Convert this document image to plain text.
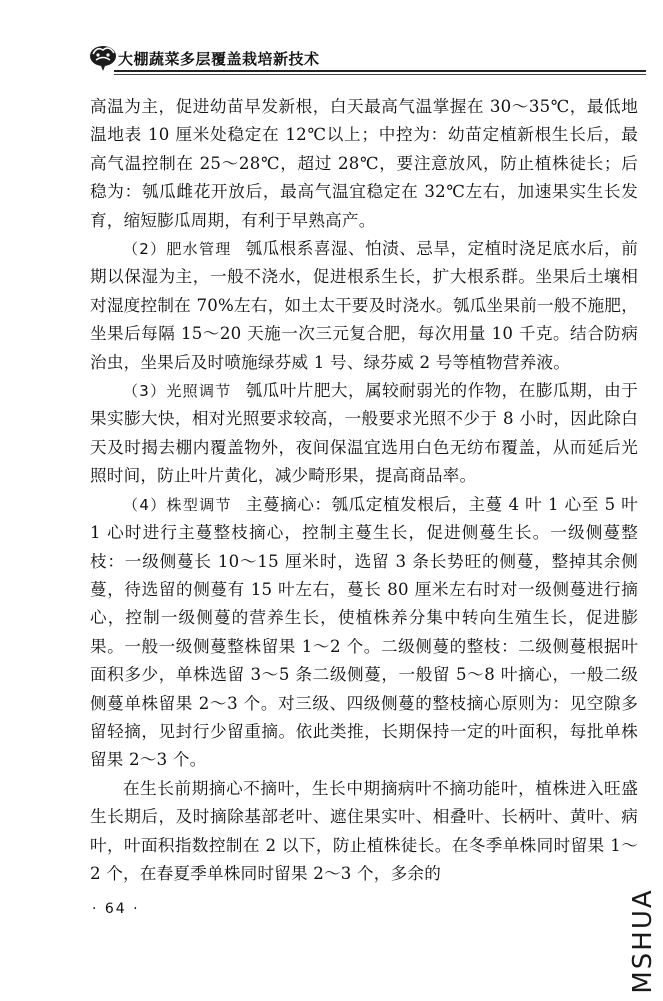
大棚蔬菜多层覆盖栽培新技术

高温为主，促进幼苗早发新根，白天最高气温掌握在 30～35℃，最低地温地表 10 厘米处稳定在 12℃以上；中控为：幼苗定植新根生长后，最高气温控制在 25～28℃，超过 28℃，要注意放风，防止植株徒长；后稳为：瓠瓜雌花开放后，最高气温宜稳定在 32℃左右，加速果实生长发育，缩短膨瓜周期，有利于早熟高产。

（2）肥水管理 瓠瓜根系喜湿、怕渍、忌旱，定植时浇足底水后，前期以保湿为主，一般不浇水，促进根系生长，扩大根系群。坐果后土壤相对湿度控制在 70%左右，如土太干要及时浇水。瓠瓜坐果前一般不施肥，坐果后每隔 15～20 天施一次三元复合肥，每次用量 10 千克。结合防病治虫，坐果后及时喷施绿芬威 1 号、绿芬威 2 号等植物营养液。

（3）光照调节 瓠瓜叶片肥大，属较耐弱光的作物，在膨瓜期，由于果实膨大快，相对光照要求较高，一般要求光照不少于 8 小时，因此除白天及时揭去棚内覆盖物外，夜间保温宜选用白色无纺布覆盖，从而延后光照时间，防止叶片黄化，减少畸形果，提高商品率。

（4）株型调节 主蔓摘心：瓠瓜定植发根后，主蔓 4 叶 1 心至 5 叶 1 心时进行主蔓整枝摘心，控制主蔓生长，促进侧蔓生长。一级侧蔓整枝：一级侧蔓长 10～15 厘米时，选留 3 条长势旺的侧蔓，整掉其余侧蔓，待选留的侧蔓有 15 叶左右，蔓长 80 厘米左右时对一级侧蔓进行摘心，控制一级侧蔓的营养生长，使植株养分集中转向生殖生长，促进膨果。一般一级侧蔓整株留果 1～2 个。二级侧蔓的整枝：二级侧蔓根据叶面积多少，单株选留 3～5 条二级侧蔓，一般留 5～8 叶摘心，一般二级侧蔓单株留果 2～3 个。对三级、四级侧蔓的整枝摘心原则为：见空隙多留轻摘，见封行少留重摘。依此类推，长期保持一定的叶面积，每批单株留果 2～3 个。

在生长前期摘心不摘叶，生长中期摘病叶不摘功能叶，植株进入旺盛生长期后，及时摘除基部老叶、遮住果实叶、相叠叶、长柄叶、黄叶、病叶，叶面积指数控制在 2 以下，防止植株徒长。在冬季单株同时留果 1～2 个，在春夏季单株同时留果 2～3 个，多余的

· 64 ·	MSHUA
